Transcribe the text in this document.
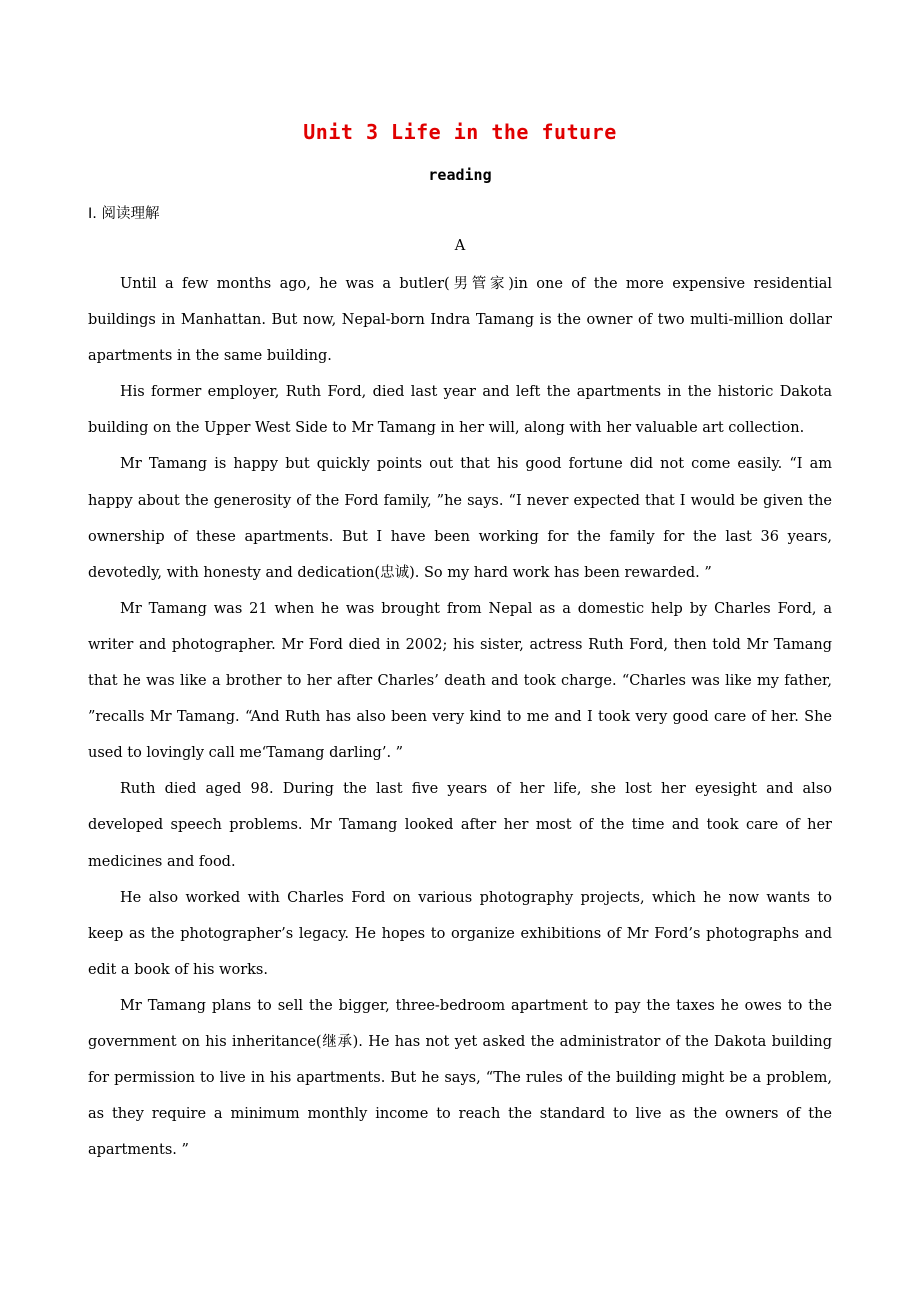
Unit 3 Life in the future
reading
Ⅰ. 阅读理解
A

Until a few months ago, he was a butler(男管家)in one of the more expensive residential buildings in Manhattan. But now, Nepal-born Indra Tamang is the owner of two multi-million dollar apartments in the same building.

His former employer, Ruth Ford, died last year and left the apartments in the historic Dakota building on the Upper West Side to Mr Tamang in her will, along with her valuable art collection.

Mr Tamang is happy but quickly points out that his good fortune did not come easily. “I am happy about the generosity of the Ford family, ”he says. “I never expected that I would be given the ownership of these apartments. But I have been working for the family for the last 36 years, devotedly, with honesty and dedication(忠诚). So my hard work has been rewarded. ”

Mr Tamang was 21 when he was brought from Nepal as a domestic help by Charles Ford, a writer and photographer. Mr Ford died in 2002; his sister, actress Ruth Ford, then told Mr Tamang that he was like a brother to her after Charles’ death and took charge. “Charles was like my father, ”recalls Mr Tamang. “And Ruth has also been very kind to me and I took very good care of her. She used to lovingly call me‘Tamang darling’. ”

Ruth died aged 98. During the last five years of her life, she lost her eyesight and also developed speech problems. Mr Tamang looked after her most of the time and took care of her medicines and food.

He also worked with Charles Ford on various photography projects, which he now wants to keep as the photographer’s legacy. He hopes to organize exhibitions of Mr Ford’s photographs and edit a book of his works.

Mr Tamang plans to sell the bigger, three-bedroom apartment to pay the taxes he owes to the government on his inheritance(继承). He has not yet asked the administrator of the Dakota building for permission to live in his apartments. But he says, “The rules of the building might be a problem, as they require a minimum monthly income to reach the standard to live as the owners of the apartments. ”
